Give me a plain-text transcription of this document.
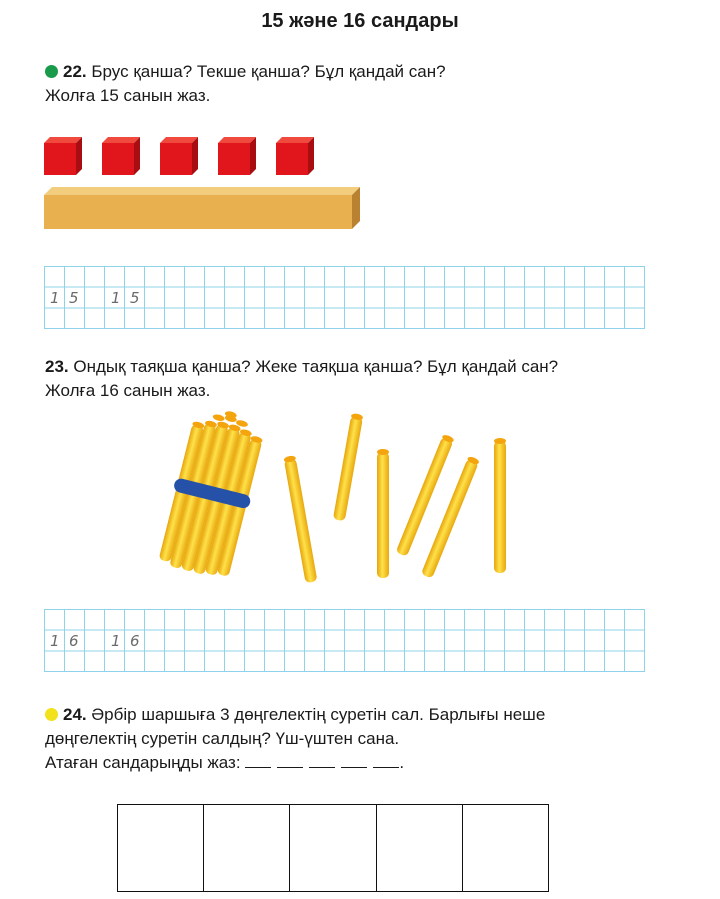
15 және 16 сандары
22. Брус қанша? Текше қанша? Бұл қандай сан?
Жолға 15 санын жаз.
1 5 1 5
23. Ондық таяқша қанша? Жеке таяқша қанша? Бұл қандай сан?
Жолға 16 санын жаз.
1 6 1 6
24. Әрбір шаршыға 3 дөңгелектің суретін сал. Барлығы неше
дөңгелектің суретін салдың? Үш-үштен сана.
Атаған сандарыңды жаз:	.
